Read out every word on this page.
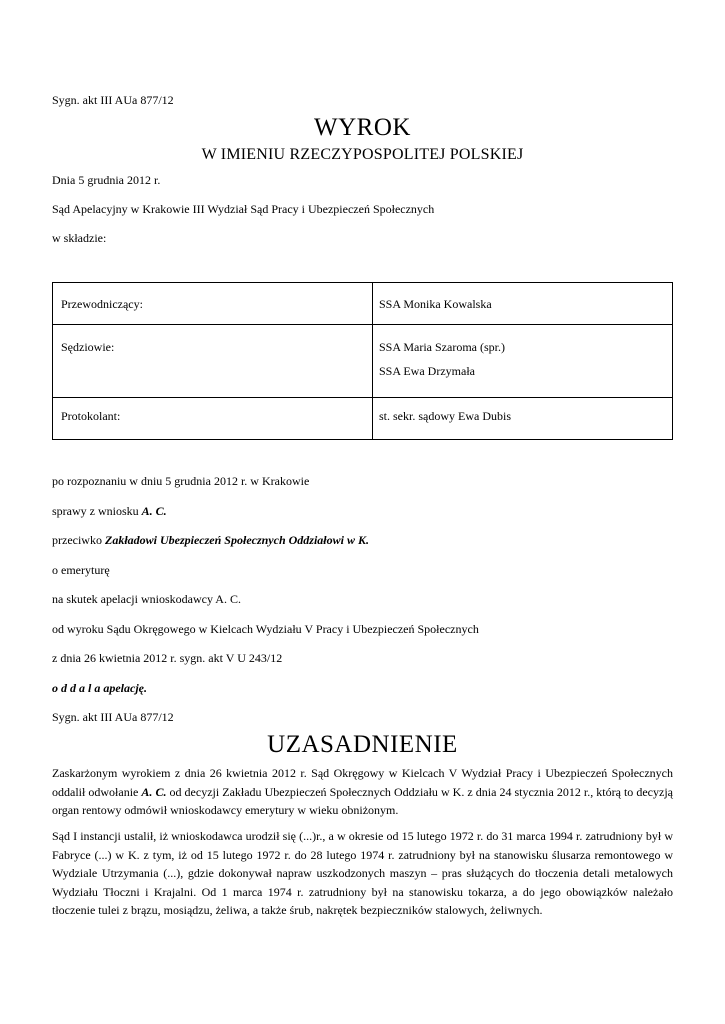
Sygn. akt III AUa 877/12
WYROK
W IMIENIU RZECZYPOSPOLITEJ POLSKIEJ
Dnia 5 grudnia 2012 r.
Sąd Apelacyjny w Krakowie III Wydział Sąd Pracy i Ubezpieczeń Społecznych
w składzie:
Przewodniczący:	SSA Monika Kowalska

Sędziowie:	SSA Maria Szaroma (spr.)
SSA Ewa Drzymała

Protokolant:	st. sekr. sądowy Ewa Dubis
po rozpoznaniu w dniu 5 grudnia 2012 r. w Krakowie
sprawy z wniosku A. C.
przeciwko Zakładowi Ubezpieczeń Społecznych Oddziałowi w K.
o emeryturę
na skutek apelacji wnioskodawcy A. C.
od wyroku Sądu Okręgowego w Kielcach Wydziału V Pracy i Ubezpieczeń Społecznych
z dnia 26 kwietnia 2012 r. sygn. akt V U 243/12
o d d a l a apelację.
Sygn. akt III AUa 877/12
UZASADNIENIE
Zaskarżonym wyrokiem z dnia 26 kwietnia 2012 r. Sąd Okręgowy w Kielcach V Wydział Pracy i Ubezpieczeń Społecznych oddalił odwołanie A. C. od decyzji Zakładu Ubezpieczeń Społecznych Oddziału w K. z dnia 24 stycznia 2012 r., którą to decyzją organ rentowy odmówił wnioskodawcy emerytury w wieku obniżonym.
Sąd I instancji ustalił, iż wnioskodawca urodził się (...)r., a w okresie od 15 lutego 1972 r. do 31 marca 1994 r. zatrudniony był w Fabryce (...) w K. z tym, iż od 15 lutego 1972 r. do 28 lutego 1974 r. zatrudniony był na stanowisku ślusarza remontowego w Wydziale Utrzymania (...), gdzie dokonywał napraw uszkodzonych maszyn – pras służących do tłoczenia detali metalowych Wydziału Tłoczni i Krajalni. Od 1 marca 1974 r. zatrudniony był na stanowisku tokarza, a do jego obowiązków należało tłoczenie tulei z brązu, mosiądzu, żeliwa, a także śrub, nakrętek bezpieczników stalowych, żeliwnych.
